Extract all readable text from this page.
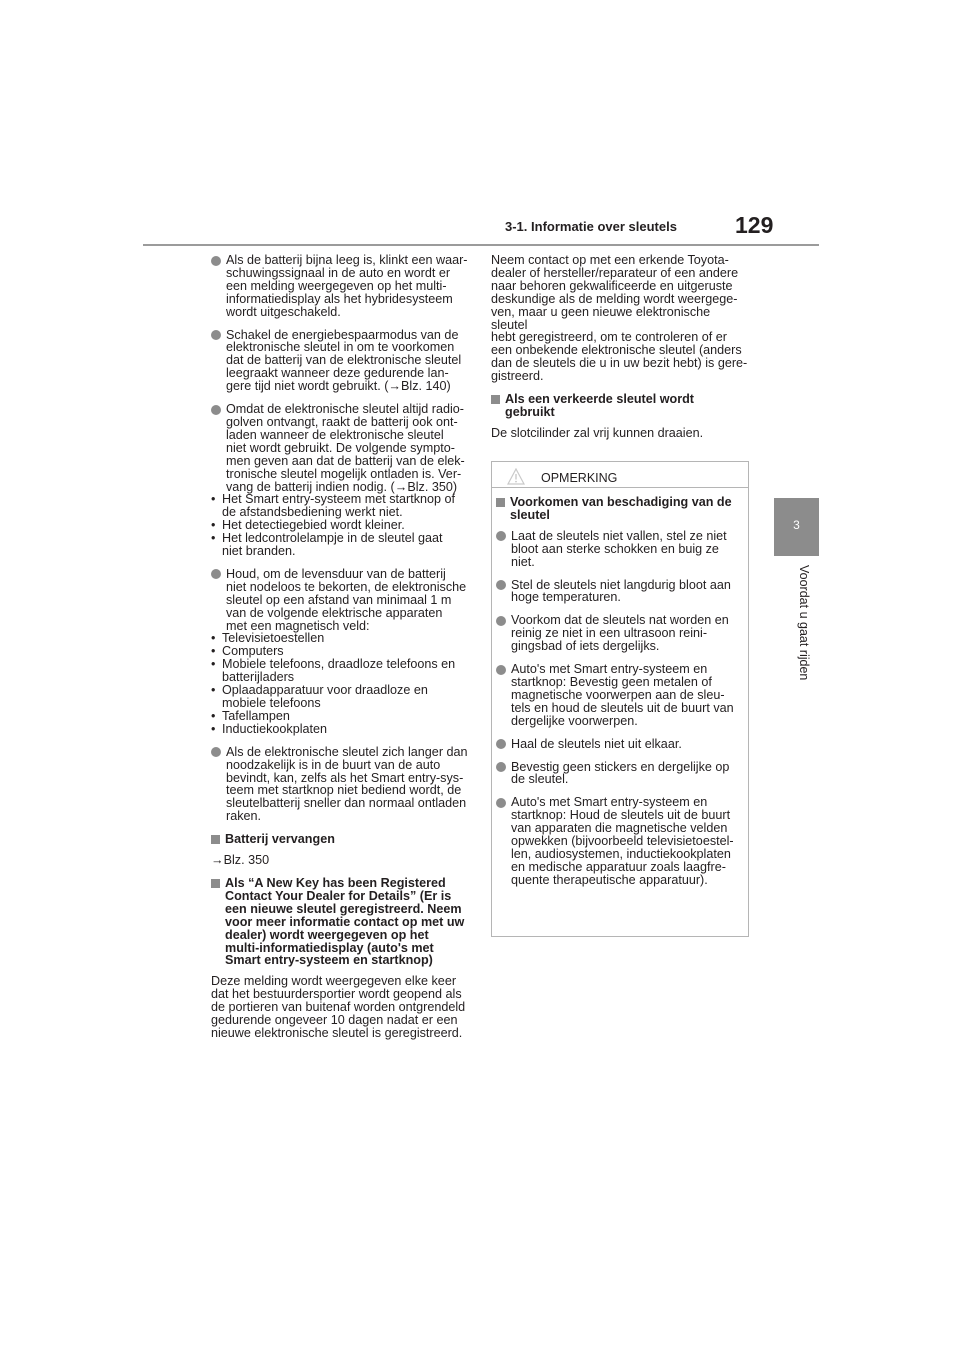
3-1. Informatie over sleutels	129
3
Voordat u gaat rijden
Als de batterij bijna leeg is, klinkt een waar-
schuwingssignaal in de auto en wordt er
een melding weergegeven op het multi-
informatiedisplay als het hybridesysteem
wordt uitgeschakeld.
Schakel de energiebespaarmodus van de
elektronische sleutel in om te voorkomen
dat de batterij van de elektronische sleutel
leegraakt wanneer deze gedurende lan-
gere tijd niet wordt gebruikt. (→Blz. 140)
Omdat de elektronische sleutel altijd radio-
golven ontvangt, raakt de batterij ook ont-
laden wanneer de elektronische sleutel
niet wordt gebruikt. De volgende sympto-
men geven aan dat de batterij van de elek-
tronische sleutel mogelijk ontladen is. Ver-
vang de batterij indien nodig. (→Blz. 350)
• Het Smart entry-systeem met startknop of
de afstandsbediening werkt niet.
• Het detectiegebied wordt kleiner.
• Het ledcontrolelampje in de sleutel gaat
niet branden.
Houd, om de levensduur van de batterij
niet nodeloos te bekorten, de elektronische
sleutel op een afstand van minimaal 1 m
van de volgende elektrische apparaten
met een magnetisch veld:
• Televisietoestellen
• Computers
• Mobiele telefoons, draadloze telefoons en
batterijladers
• Oplaadapparatuur voor draadloze en
mobiele telefoons
• Tafellampen
• Inductiekookplaten
Als de elektronische sleutel zich langer dan
noodzakelijk is in de buurt van de auto
bevindt, kan, zelfs als het Smart entry-sys-
teem met startknop niet bediend wordt, de
sleutelbatterij sneller dan normaal ontladen
raken.
Batterij vervangen
→Blz. 350
Als “A New Key has been Registered
Contact Your Dealer for Details” (Er is
een nieuwe sleutel geregistreerd. Neem
voor meer informatie contact op met uw
dealer) wordt weergegeven op het
multi-informatiedisplay (auto's met
Smart entry-systeem en startknop)
Deze melding wordt weergegeven elke keer
dat het bestuurdersportier wordt geopend als
de portieren van buitenaf worden ontgrendeld
gedurende ongeveer 10 dagen nadat er een
nieuwe elektronische sleutel is geregistreerd.
Neem contact op met een erkende Toyota-
dealer of hersteller/reparateur of een andere
naar behoren gekwalificeerde en uitgeruste
deskundige als de melding wordt weergege-
ven, maar u geen nieuwe elektronische sleutel
hebt geregistreerd, om te controleren of er
een onbekende elektronische sleutel (anders
dan de sleutels die u in uw bezit hebt) is gere-
gistreerd.
Als een verkeerde sleutel wordt
gebruikt
De slotcilinder zal vrij kunnen draaien.
OPMERKING
Voorkomen van beschadiging van de
sleutel
Laat de sleutels niet vallen, stel ze niet
bloot aan sterke schokken en buig ze
niet.
Stel de sleutels niet langdurig bloot aan
hoge temperaturen.
Voorkom dat de sleutels nat worden en
reinig ze niet in een ultrasoon reini-
gingsbad of iets dergelijks.
Auto's met Smart entry-systeem en
startknop: Bevestig geen metalen of
magnetische voorwerpen aan de sleu-
tels en houd de sleutels uit de buurt van
dergelijke voorwerpen.
Haal de sleutels niet uit elkaar.
Bevestig geen stickers en dergelijke op
de sleutel.
Auto's met Smart entry-systeem en
startknop: Houd de sleutels uit de buurt
van apparaten die magnetische velden
opwekken (bijvoorbeeld televisietoestel-
len, audiosystemen, inductiekookplaten
en medische apparatuur zoals laagfre-
quente therapeutische apparatuur).
